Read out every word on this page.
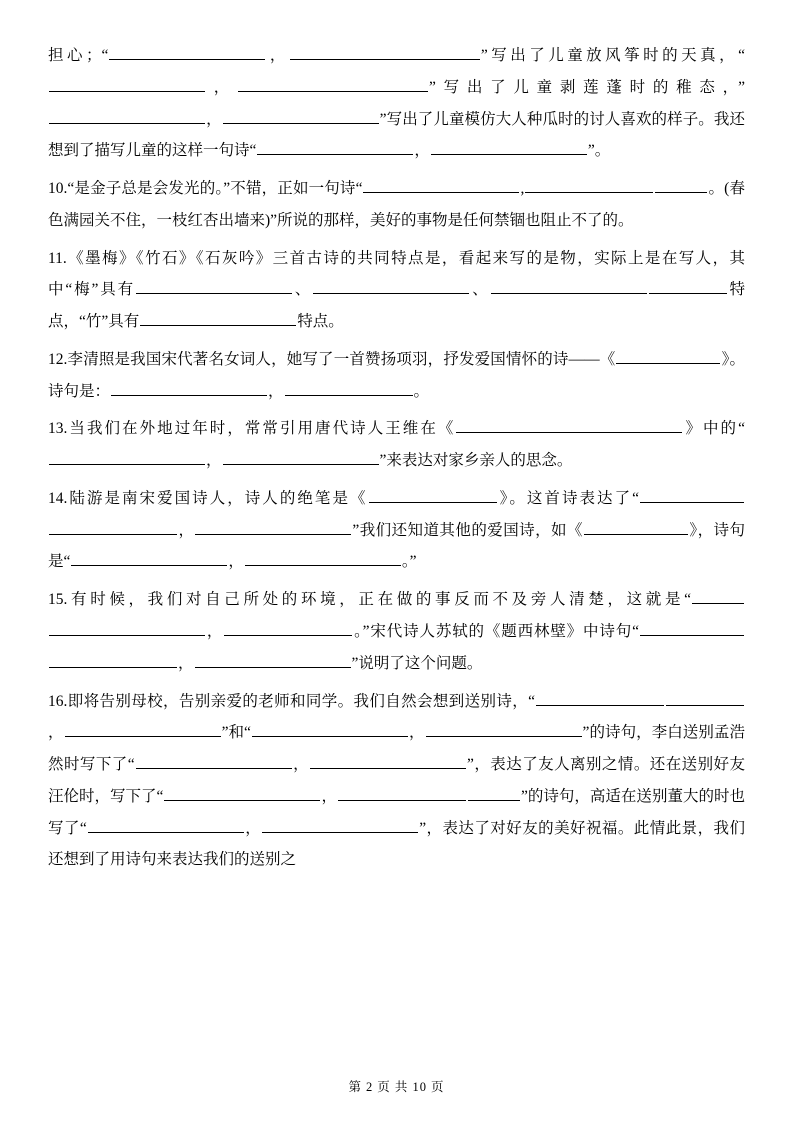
担心；“	，	”写出了儿童放风筝时的天真，“，	”写出了儿童剥莲蓬时的稚态，”，	”写出了儿童模仿大人种瓜时的讨人喜欢的样子。我还想到了描写儿童的这样一句诗“	，	”。
10.“是金子总是会发光的。”不错，正如一句诗“	,	。(春色满园关不住，一枝红杏出墙来)”所说的那样，美好的事物是任何禁锢也阻止不了的。
11.《墨梅》《竹石》《石灰吟》三首古诗的共同特点是，看起来写的是物，实际上是在写人，其中“梅”具有	、	、	特点，“竹”具有	特点。
12.李清照是我国宋代著名女词人，她写了一首赞扬项羽，抒发爱国情怀的诗——《	》。诗句是：	，	。
13.当我们在外地过年时，常常引用唐代诗人王维在《	》中的“，	”来表达对家乡亲人的思念。
14.陆游是南宋爱国诗人，诗人的绝笔是《	》。这首诗表达了“，	”我们还知道其他的爱国诗，如《	》，诗句是“	，	。”
15.有时候，我们对自己所处的环境，正在做的事反而不及旁人清楚，这就是“，	。”宋代诗人苏轼的《题西林壁》中诗句“，	”说明了这个问题。
16.即将告别母校，告别亲爱的老师和同学。我们自然会想到送别诗，“，	”和“	，	”的诗句，李白送别孟浩然时写下了“	，	”，表达了友人离别之情。还在送别好友汪伦时，写下了“	，	”的诗句，高适在送别董大的时也写了“	，	”，表达了对好友的美好祝福。此情此景，我们还想到了用诗句来表达我们的送别之
第 2 页 共 10 页
